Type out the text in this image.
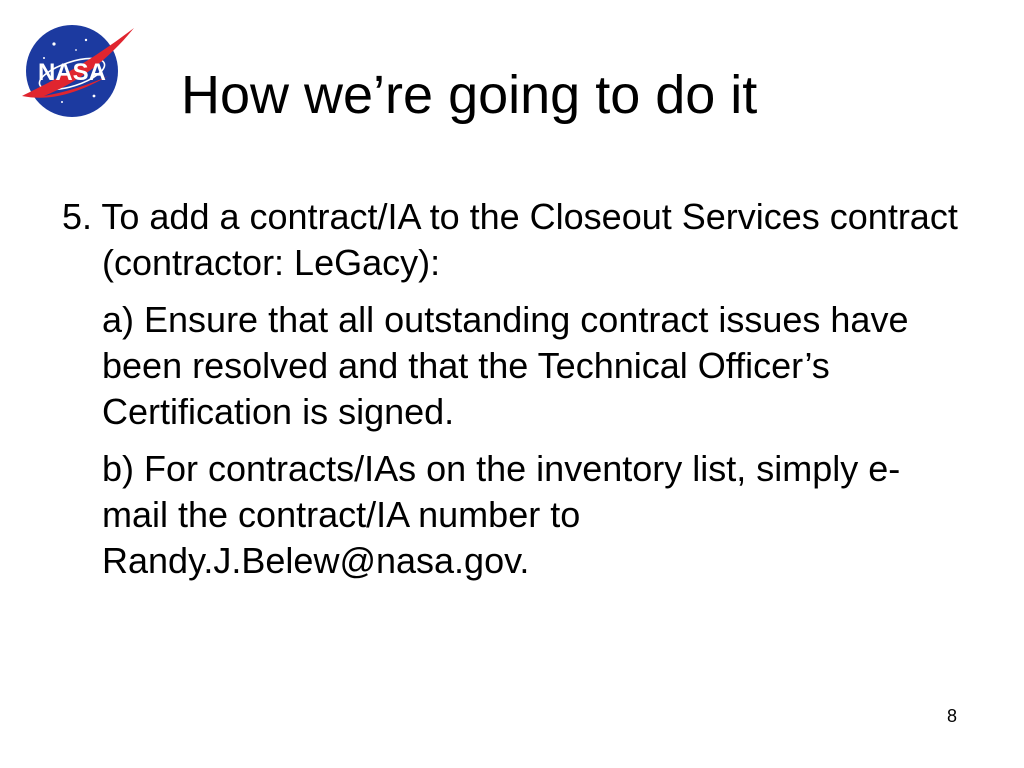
NASA How we’re going to do it

5. To add a contract/IA to the Closeout Services contract (contractor: LeGacy):

a) Ensure that all outstanding contract issues have been resolved and that the Technical Officer’s Certification is signed.

b) For contracts/IAs on the inventory list, simply e-mail the contract/IA number to Randy.J.Belew@nasa.gov.

8
